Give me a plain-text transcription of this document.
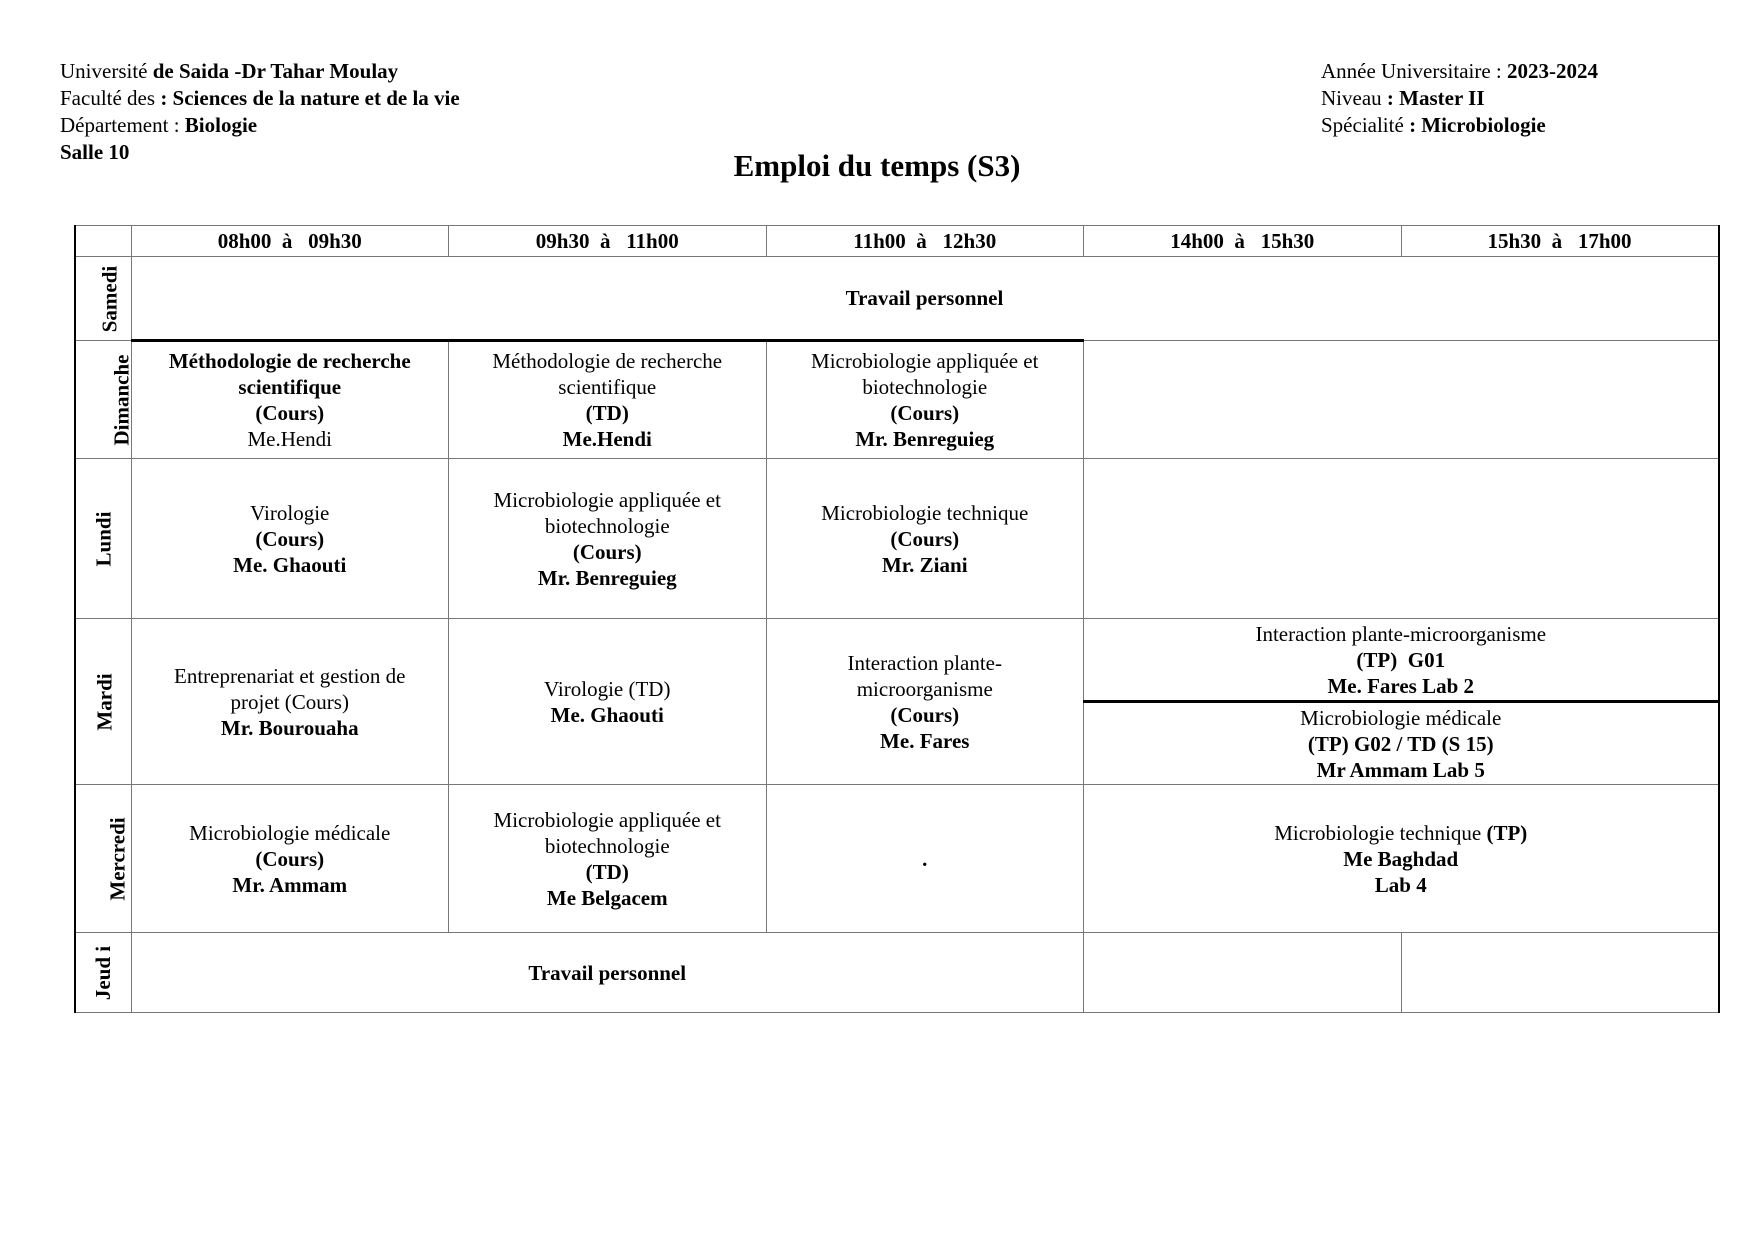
Université de Saida -Dr Tahar Moulay
Faculté des : Sciences de la nature et de la vie
Département : Biologie
Salle 10
Année Universitaire : 2023-2024
Niveau : Master II
Spécialité : Microbiologie
Emploi du temps (S3)
	08h00  à   09h30	09h30  à   11h00	11h00  à   12h30	14h00  à   15h30	15h30  à   17h00
Samedi	Travail personnel				
Dimanche	Méthodologie de recherche
scientifique
(Cours)
Me.Hendi	Méthodologie de recherche
scientifique
(TD)
Me.Hendi	Microbiologie appliquée et
biotechnologie
(Cours)
Mr. Benreguieg		

Lundi	Virologie
(Cours)
Me. Ghaouti	Microbiologie appliquée et
biotechnologie
(Cours)
Mr. Benreguieg	Microbiologie technique
(Cours)
Mr. Ziani		

Mardi	Entreprenariat et gestion de
projet (Cours)
Mr. Bourouaha	Virologie (TD)
Me. Ghaouti	Interaction plante-
microorganisme
(Cours)
Me. Fares	Interaction plante-microorganisme
(TP)  G01
Me. Fares Lab 2	

				Microbiologie médicale
(TP) G02 / TD (S 15)
Mr Ammam Lab 5	

Mercredi	Microbiologie médicale
(Cours)
Mr. Ammam	Microbiologie appliquée et
biotechnologie
(TD)
Me Belgacem	.	Microbiologie technique (TP)
Me Baghdad
Lab 4	

Jeud i	Travail personnel				
